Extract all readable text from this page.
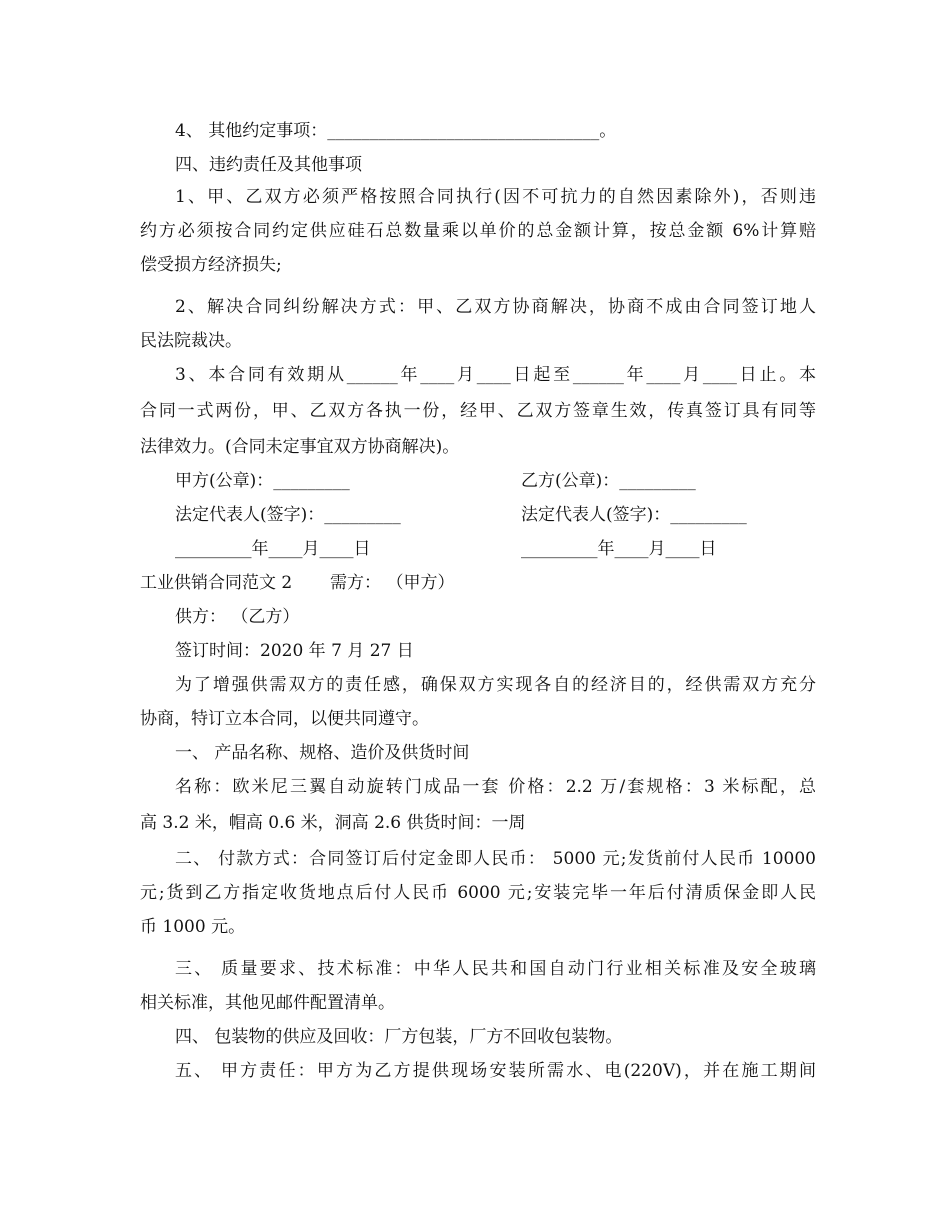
4、 其他约定事项：________________________________。

四、违约责任及其他事项

1、甲、乙双方必须严格按照合同执行(因不可抗力的自然因素除外)，否则违

约方必须按合同约定供应硅石总数量乘以单价的总金额计算，按总金额 6%计算赔

偿受损方经济损失;

2、解决合同纠纷解决方式：甲、乙双方协商解决，协商不成由合同签订地人

民法院裁决。

3、本合同有效期从______年____月____日起至______年____月____日止。本

合同一式两份，甲、乙双方各执一份，经甲、乙双方签章生效，传真签订具有同等

法律效力。(合同未定事宜双方协商解决)。

甲方(公章)：_________	乙方(公章)：_________
法定代表人(签字)：_________	法定代表人(签字)：_________
_________年____月____日	_________年____月____日

工业供销合同范文 2       需方： （甲方）

供方： （乙方）

签订时间：2020 年 7 月 27 日

为了增强供需双方的责任感，确保双方实现各自的经济目的，经供需双方充分

协商，特订立本合同，以便共同遵守。

一、 产品名称、规格、造价及供货时间

名称：欧米尼三翼自动旋转门成品一套 价格：2.2 万/套规格：3 米标配，总

高 3.2 米，帽高 0.6 米，洞高 2.6 供货时间：一周

二、 付款方式：合同签订后付定金即人民币： 5000 元;发货前付人民币 10000

元;货到乙方指定收货地点后付人民币 6000 元;安装完毕一年后付清质保金即人民

币 1000 元。

三、 质量要求、技术标准：中华人民共和国自动门行业相关标准及安全玻璃

相关标准，其他见邮件配置清单。

四、 包装物的供应及回收：厂方包装，厂方不回收包装物。

五、 甲方责任：甲方为乙方提供现场安装所需水、电(220V)，并在施工期间
